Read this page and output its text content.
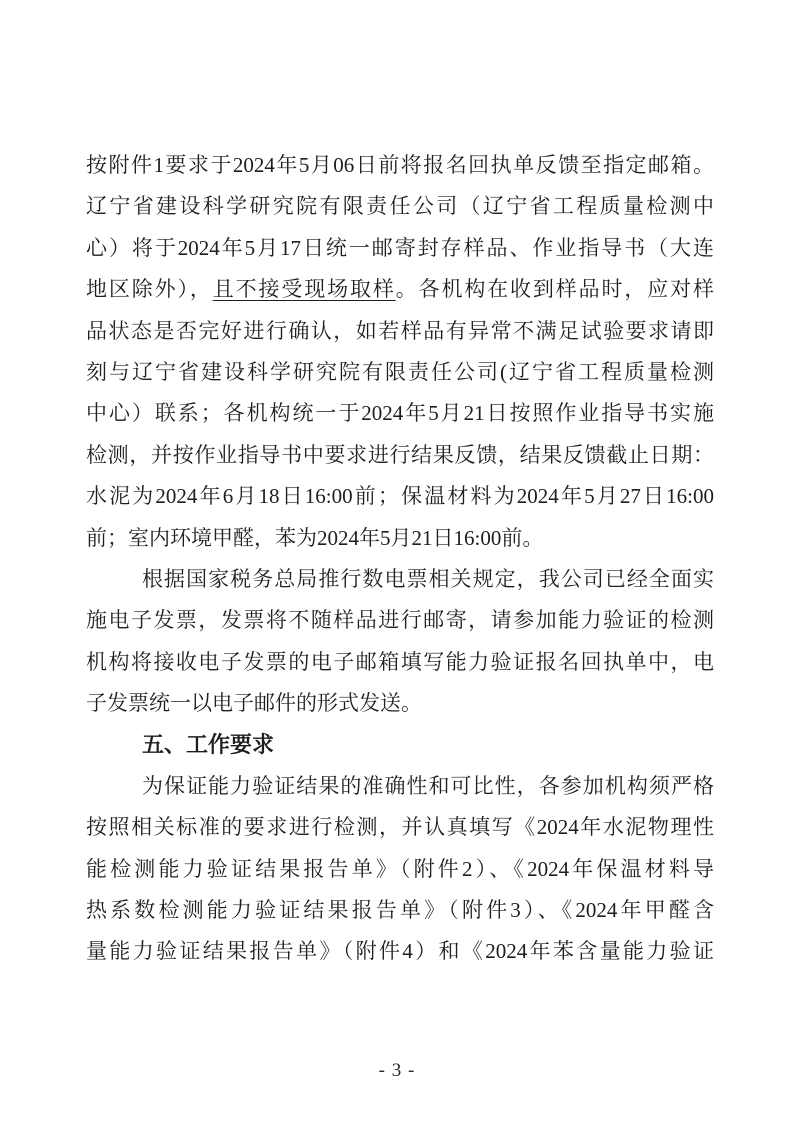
按附件1要求于2024年5月06日前将报名回执单反馈至指定邮箱。
辽宁省建设科学研究院有限责任公司（辽宁省工程质量检测中
心）将于2024年5月17日统一邮寄封存样品、作业指导书（大连
地区除外），且不接受现场取样。各机构在收到样品时，应对样
品状态是否完好进行确认，如若样品有异常不满足试验要求请即
刻与辽宁省建设科学研究院有限责任公司(辽宁省工程质量检测
中心）联系；各机构统一于2024年5月21日按照作业指导书实施
检测，并按作业指导书中要求进行结果反馈，结果反馈截止日期：
水泥为2024年6月18日16:00前；保温材料为2024年5月27日16:00
前；室内环境甲醛，苯为2024年5月21日16:00前。
根据国家税务总局推行数电票相关规定，我公司已经全面实
施电子发票，发票将不随样品进行邮寄，请参加能力验证的检测
机构将接收电子发票的电子邮箱填写能力验证报名回执单中，电
子发票统一以电子邮件的形式发送。
五、工作要求
为保证能力验证结果的准确性和可比性，各参加机构须严格
按照相关标准的要求进行检测，并认真填写《2024年水泥物理性
能检测能力验证结果报告单》（附件2）、《2024年保温材料导
热系数检测能力验证结果报告单》（附件3）、《2024年甲醛含
量能力验证结果报告单》（附件4）和《2024年苯含量能力验证
- 3 -
